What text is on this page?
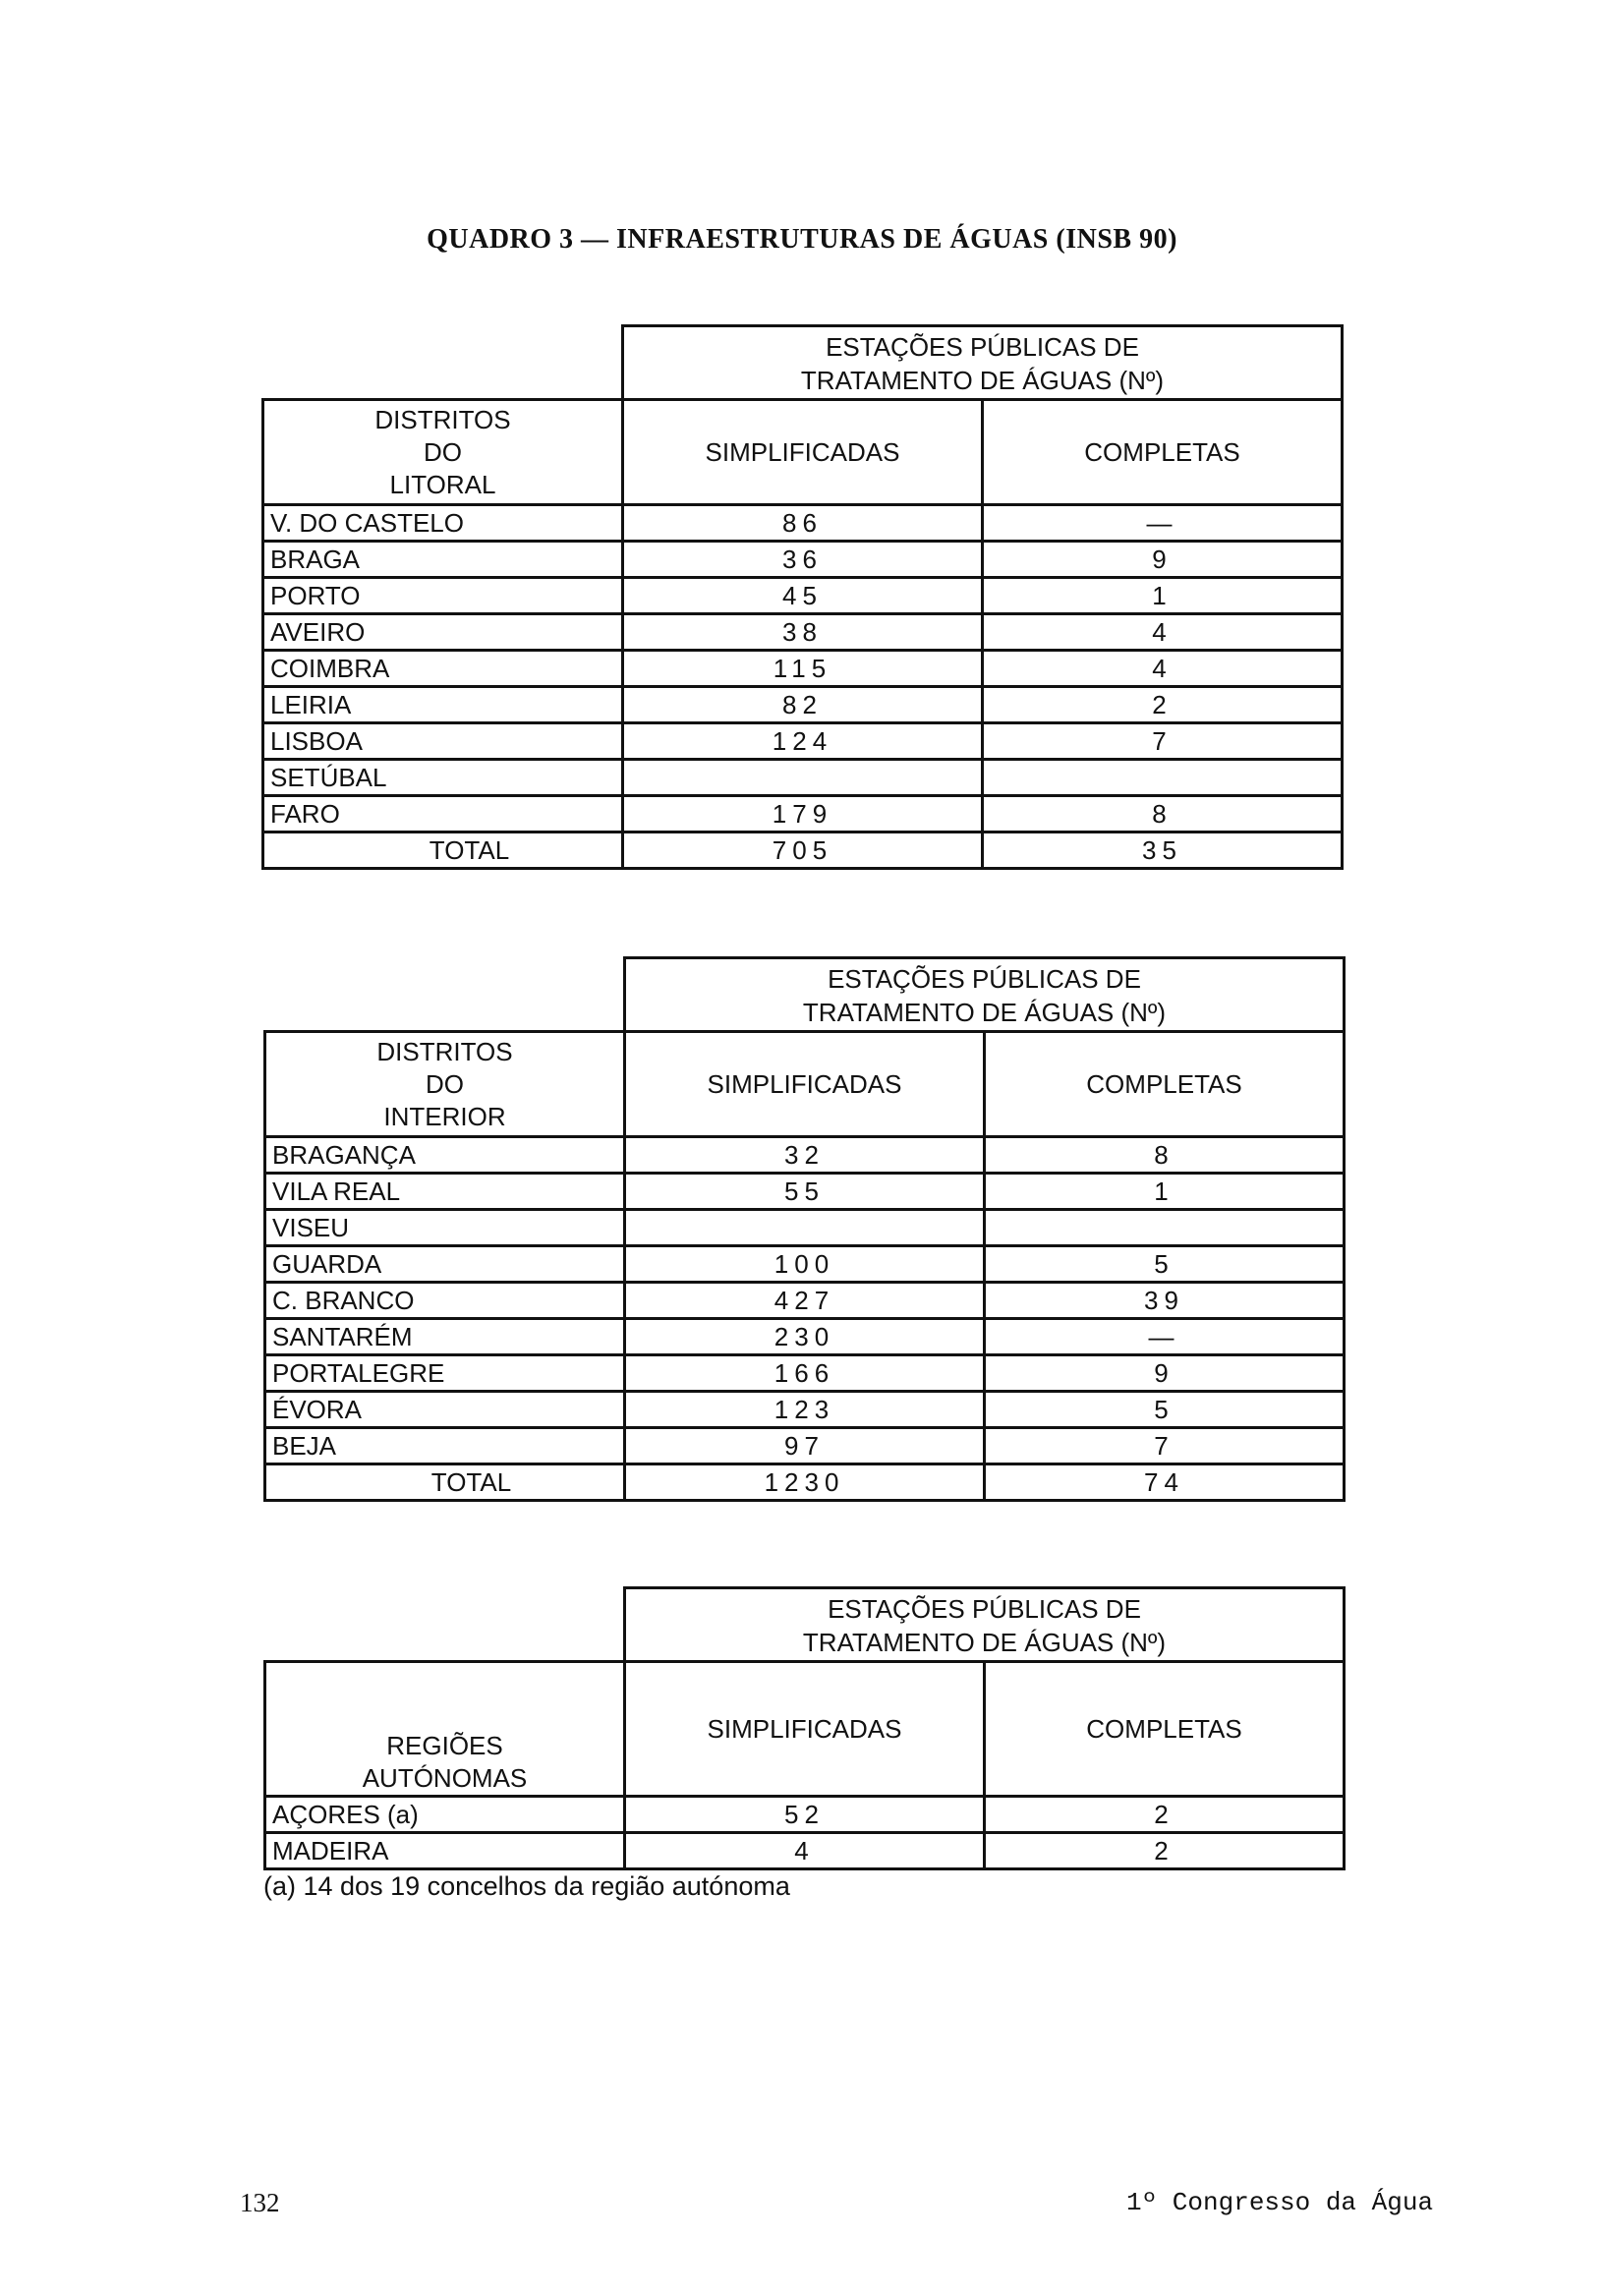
QUADRO 3 — INFRAESTRUTURAS DE ÁGUAS (INSB 90)

	ESTAÇÕES PÚBLICAS DE
TRATAMENTO DE ÁGUAS (Nº)	

DISTRITOS
DO
LITORAL	SIMPLIFICADAS	COMPLETAS
V. DO CASTELO	86	—
BRAGA	36	9
PORTO	45	1
AVEIRO	38	4
COIMBRA	115	4
LEIRIA	82	2
LISBOA	124	7
SETÚBAL		
FARO	179	8
TOTAL	705	35

	ESTAÇÕES PÚBLICAS DE
TRATAMENTO DE ÁGUAS (Nº)	

DISTRITOS
DO
INTERIOR	SIMPLIFICADAS	COMPLETAS
BRAGANÇA	32	8
VILA REAL	55	1
VISEU		
GUARDA	100	5
C. BRANCO	427	39
SANTARÉM	230	—
PORTALEGRE	166	9
ÉVORA	123	5
BEJA	97	7
TOTAL	1230	74

	ESTAÇÕES PÚBLICAS DE
TRATAMENTO DE ÁGUAS (Nº)	

REGIÕES
AUTÓNOMAS	SIMPLIFICADAS	COMPLETAS
AÇORES (a)	52	2
MADEIRA	4	2
(a) 14 dos 19 concelhos da região autónoma
132	1º Congresso da Água
